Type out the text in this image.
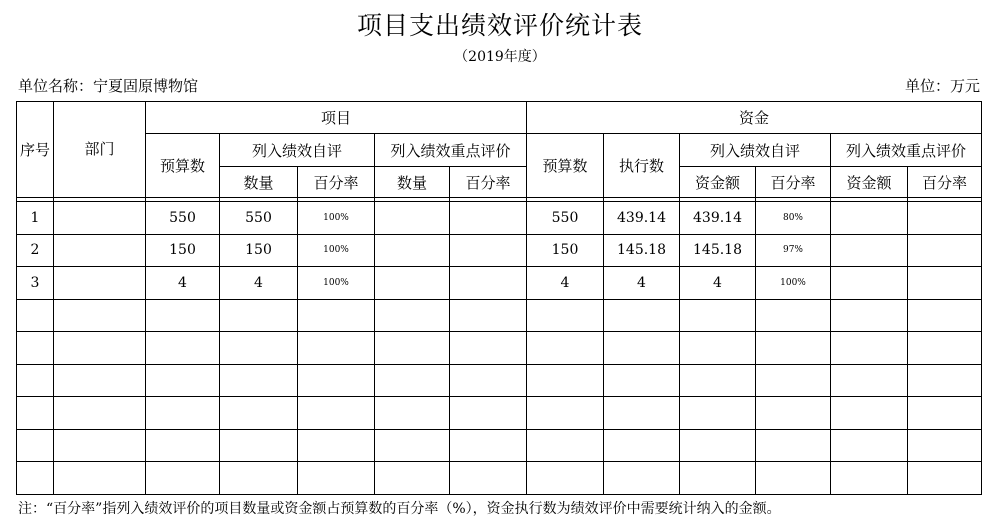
项目支出绩效评价统计表
（2019年度）
单位名称：宁夏固原博物馆	单位：万元
序号	部门	项目					资金					
		预算数	列入绩效自评		列入绩效重点评价		预算数	执行数	列入绩效自评		列入绩效重点评价	
			数量	百分率	数量	百分率			资金额	百分率	资金额	百分率

1		550	550	100%			550	439.14	439.14	80%		
2		150	150	100%			150	145.18	145.18	97%		
3		4	4	100%			4	4	4	100%		

注：“百分率”指列入绩效评价的项目数量或资金额占预算数的百分率（%），资金执行数为绩效评价中需要统计纳入的金额。
